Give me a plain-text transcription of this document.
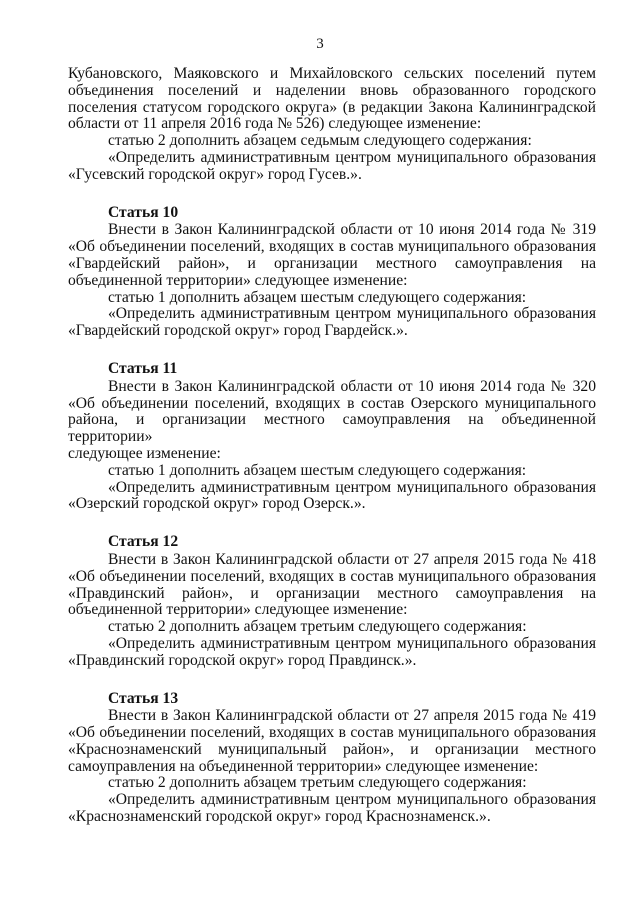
3
Кубановского, Маяковского и Михайловского сельских поселений путем
объединения поселений и наделении вновь образованного городского
поселения статусом городского округа» (в редакции Закона Калининградской
области от 11 апреля 2016 года № 526) следующее изменение:
статью 2 дополнить абзацем седьмым следующего содержания:
«Определить административным центром муниципального образования
«Гусевский городской округ» город Гусев.».
Статья 10
Внести в Закон Калининградской области от 10 июня 2014 года № 319
«Об объединении поселений, входящих в состав муниципального образования
«Гвардейский район», и организации местного самоуправления на
объединенной территории» следующее изменение:
статью 1 дополнить абзацем шестым следующего содержания:
«Определить административным центром муниципального образования
«Гвардейский городской округ» город Гвардейск.».
Статья 11
Внести в Закон Калининградской области от 10 июня 2014 года № 320
«Об объединении поселений, входящих в состав Озерского муниципального
района, и организации местного самоуправления на объединенной территории»
следующее изменение:
статью 1 дополнить абзацем шестым следующего содержания:
«Определить административным центром муниципального образования
«Озерский городской округ» город Озерск.».
Статья 12
Внести в Закон Калининградской области от 27 апреля 2015 года № 418
«Об объединении поселений, входящих в состав муниципального образования
«Правдинский район», и организации местного самоуправления на
объединенной территории» следующее изменение:
статью 2 дополнить абзацем третьим следующего содержания:
«Определить административным центром муниципального образования
«Правдинский городской округ» город Правдинск.».
Статья 13
Внести в Закон Калининградской области от 27 апреля 2015 года № 419
«Об объединении поселений, входящих в состав муниципального образования
«Краснознаменский муниципальный район», и организации местного
самоуправления на объединенной территории» следующее изменение:
статью 2 дополнить абзацем третьим следующего содержания:
«Определить административным центром муниципального образования
«Краснознаменский городской округ» город Краснознаменск.».
